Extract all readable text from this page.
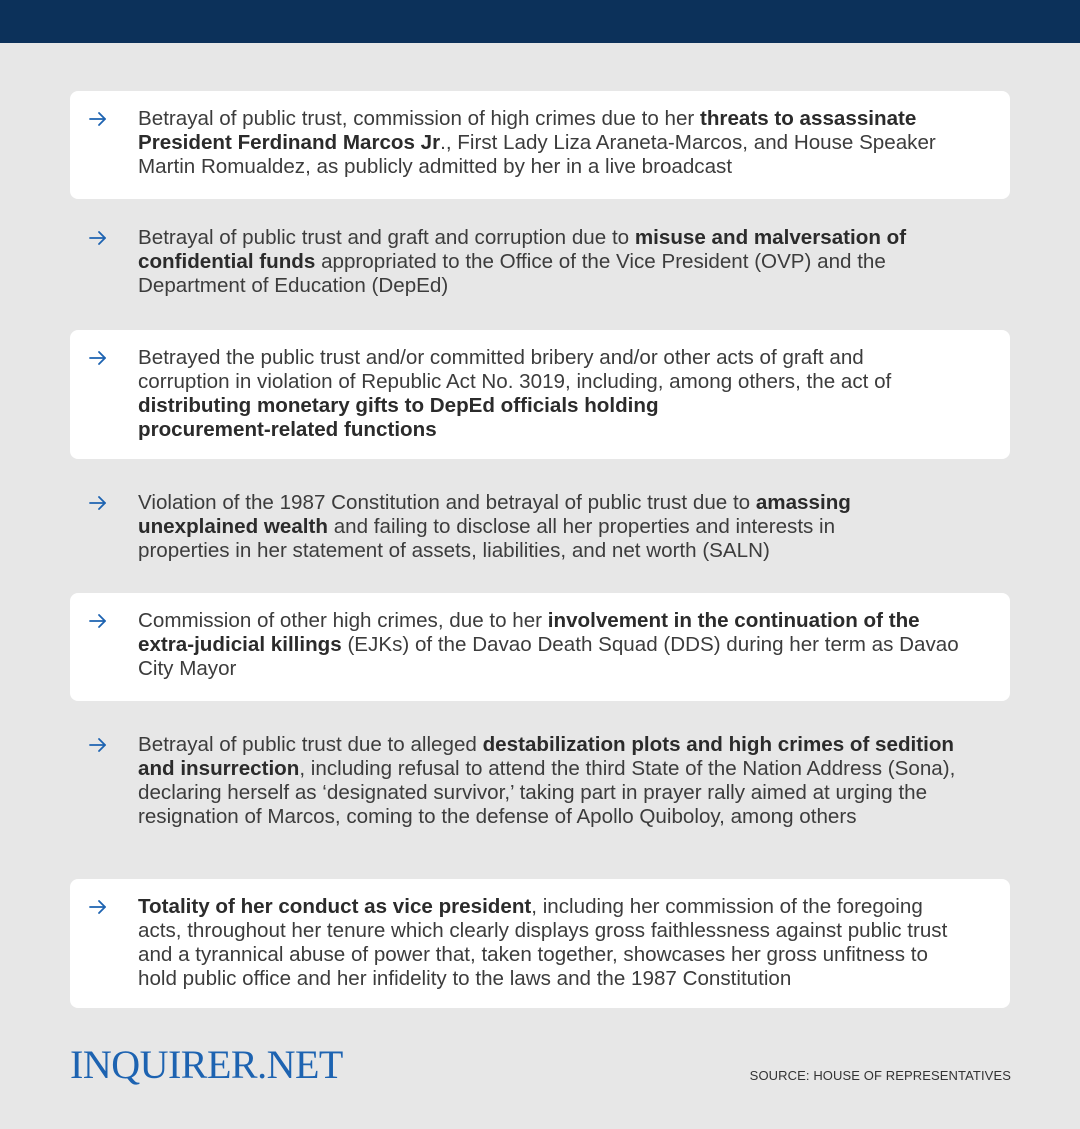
Betrayal of public trust, commission of high crimes due to her threats to assassinate President Ferdinand Marcos Jr., First Lady Liza Araneta-Marcos, and House Speaker Martin Romualdez, as publicly admitted by her in a live broadcast

Betrayal of public trust and graft and corruption due to misuse and malversation of confidential funds appropriated to the Office of the Vice President (OVP) and the Department of Education (DepEd)

Betrayed the public trust and/or committed bribery and/or other acts of graft and corruption in violation of Republic Act No. 3019, including, among others, the act of distributing monetary gifts to DepEd officials holding procurement-related functions

Violation of the 1987 Constitution and betrayal of public trust due to amassing unexplained wealth and failing to disclose all her properties and interests in properties in her statement of assets, liabilities, and net worth (SALN)

Commission of other high crimes, due to her involvement in the continuation of the extra-judicial killings (EJKs) of the Davao Death Squad (DDS) during her term as Davao City Mayor

Betrayal of public trust due to alleged destabilization plots and high crimes of sedition and insurrection, including refusal to attend the third State of the Nation Address (Sona), declaring herself as ‘designated survivor,’ taking part in prayer rally aimed at urging the resignation of Marcos, coming to the defense of Apollo Quiboloy, among others

Totality of her conduct as vice president, including her commission of the foregoing acts, throughout her tenure which clearly displays gross faithlessness against public trust and a tyrannical abuse of power that, taken together, showcases her gross unfitness to hold public office and her infidelity to the laws and the 1987 Constitution

INQUIRER.NET	SOURCE: HOUSE OF REPRESENTATIVES
